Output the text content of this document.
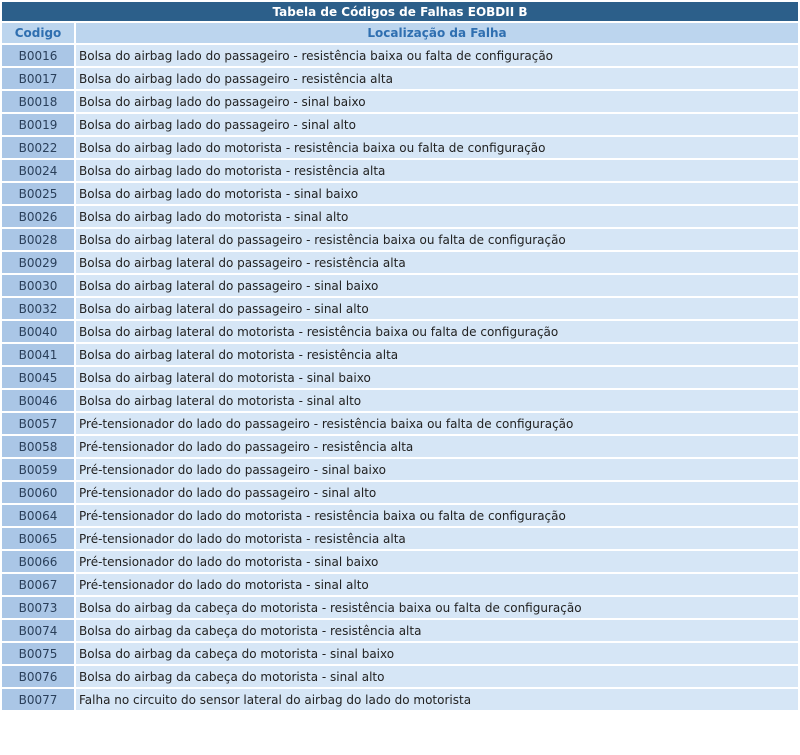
Tabela de Códigos de Falhas EOBDII B	
Codigo	Localização da Falha
B0016	Bolsa do airbag lado do passageiro - resistência baixa ou falta de configuração
B0017	Bolsa do airbag lado do passageiro - resistência alta
B0018	Bolsa do airbag lado do passageiro - sinal baixo
B0019	Bolsa do airbag lado do passageiro - sinal alto
B0022	Bolsa do airbag lado do motorista - resistência baixa ou falta de configuração
B0024	Bolsa do airbag lado do motorista - resistência alta
B0025	Bolsa do airbag lado do motorista - sinal baixo
B0026	Bolsa do airbag lado do motorista - sinal alto
B0028	Bolsa do airbag lateral do passageiro - resistência baixa ou falta de configuração
B0029	Bolsa do airbag lateral do passageiro - resistência alta
B0030	Bolsa do airbag lateral do passageiro - sinal baixo
B0032	Bolsa do airbag lateral do passageiro - sinal alto
B0040	Bolsa do airbag lateral do motorista - resistência baixa ou falta de configuração
B0041	Bolsa do airbag lateral do motorista - resistência alta
B0045	Bolsa do airbag lateral do motorista - sinal baixo
B0046	Bolsa do airbag lateral do motorista - sinal alto
B0057	Pré-tensionador do lado do passageiro - resistência baixa ou falta de configuração
B0058	Pré-tensionador do lado do passageiro - resistência alta
B0059	Pré-tensionador do lado do passageiro - sinal baixo
B0060	Pré-tensionador do lado do passageiro - sinal alto
B0064	Pré-tensionador do lado do motorista - resistência baixa ou falta de configuração
B0065	Pré-tensionador do lado do motorista - resistência alta
B0066	Pré-tensionador do lado do motorista - sinal baixo
B0067	Pré-tensionador do lado do motorista - sinal alto
B0073	Bolsa do airbag da cabeça do motorista - resistência baixa ou falta de configuração
B0074	Bolsa do airbag da cabeça do motorista - resistência alta
B0075	Bolsa do airbag da cabeça do motorista - sinal baixo
B0076	Bolsa do airbag da cabeça do motorista - sinal alto
B0077	Falha no circuito do sensor lateral do airbag do lado do motorista
